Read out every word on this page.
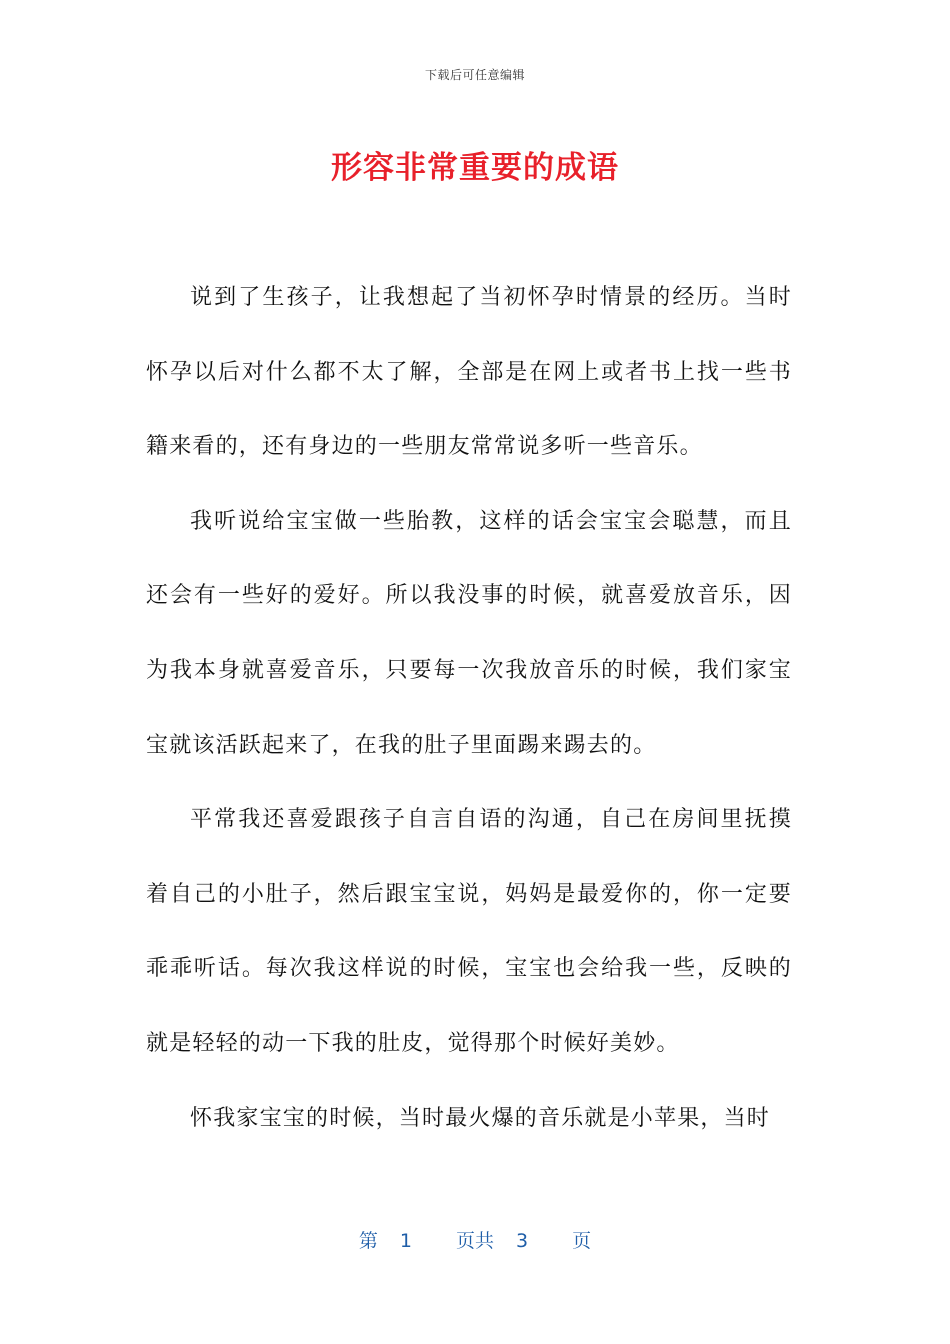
下载后可任意编辑
形容非常重要的成语

说到了生孩子，让我想起了当初怀孕时情景的经历。当时怀孕以后对什么都不太了解，全部是在网上或者书上找一些书籍来看的，还有身边的一些朋友常常说多听一些音乐。

我听说给宝宝做一些胎教，这样的话会宝宝会聪慧，而且还会有一些好的爱好。所以我没事的时候，就喜爱放音乐，因为我本身就喜爱音乐，只要每一次我放音乐的时候，我们家宝宝就该活跃起来了，在我的肚子里面踢来踢去的。

平常我还喜爱跟孩子自言自语的沟通，自己在房间里抚摸着自己的小肚子，然后跟宝宝说，妈妈是最爱你的，你一定要乖乖听话。每次我这样说的时候，宝宝也会给我一些，反映的就是轻轻的动一下我的肚皮，觉得那个时候好美妙。

怀我家宝宝的时候，当时最火爆的音乐就是小苹果，当时

第 1 页共 3 页
